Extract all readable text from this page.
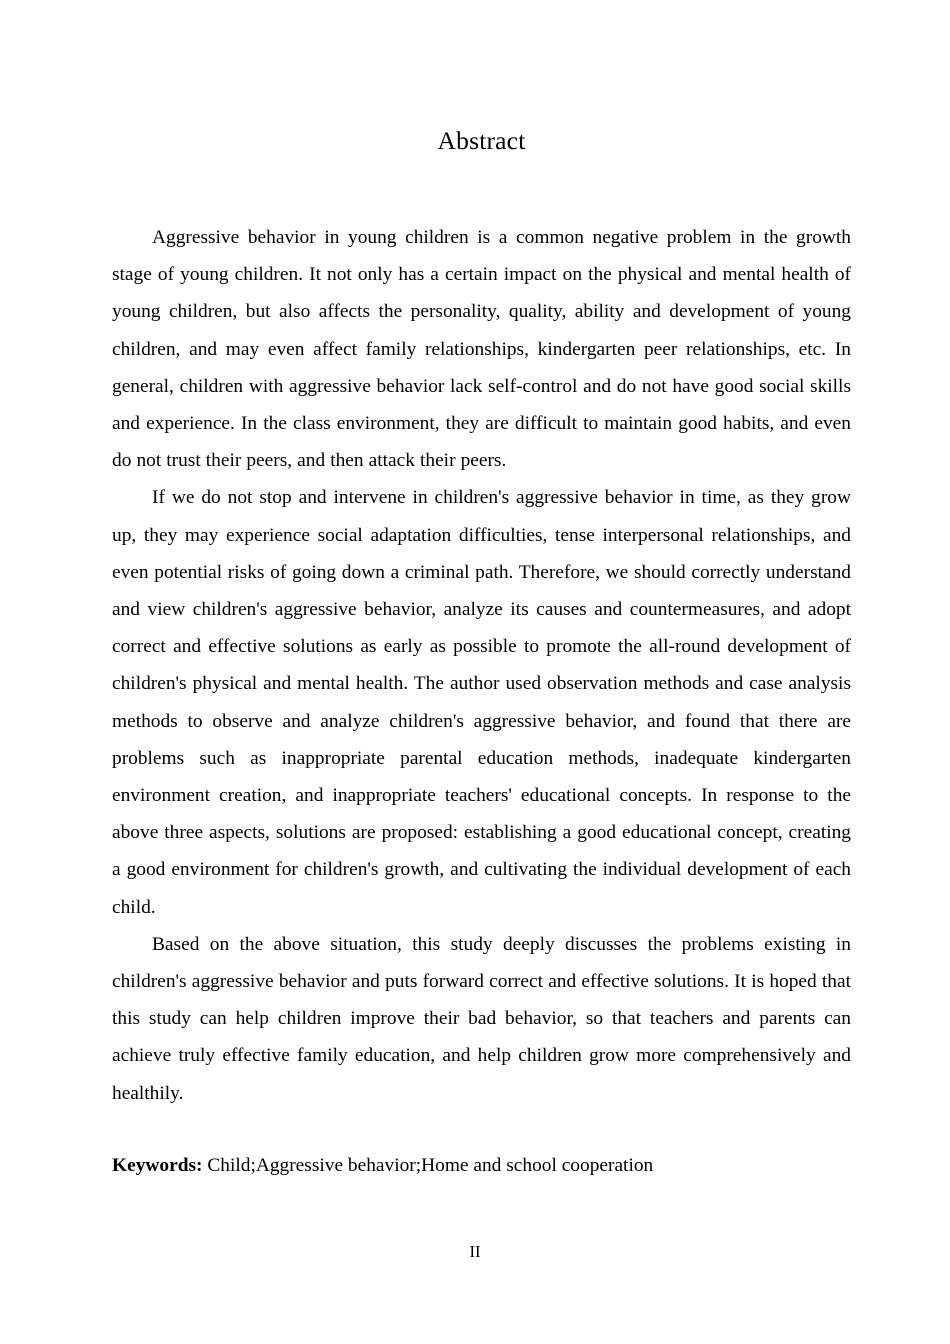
Abstract

Aggressive behavior in young children is a common negative problem in the growth stage of young children. It not only has a certain impact on the physical and mental health of young children, but also affects the personality, quality, ability and development of young children, and may even affect family relationships, kindergarten peer relationships, etc. In general, children with aggressive behavior lack self-control and do not have good social skills and experience. In the class environment, they are difficult to maintain good habits, and even do not trust their peers, and then attack their peers.

If we do not stop and intervene in children's aggressive behavior in time, as they grow up, they may experience social adaptation difficulties, tense interpersonal relationships, and even potential risks of going down a criminal path. Therefore, we should correctly understand and view children's aggressive behavior, analyze its causes and countermeasures, and adopt correct and effective solutions as early as possible to promote the all-round development of children's physical and mental health. The author used observation methods and case analysis methods to observe and analyze children's aggressive behavior, and found that there are problems such as inappropriate parental education methods, inadequate kindergarten environment creation, and inappropriate teachers' educational concepts. In response to the above three aspects, solutions are proposed: establishing a good educational concept, creating a good environment for children's growth, and cultivating the individual development of each child.

Based on the above situation, this study deeply discusses the problems existing in children's aggressive behavior and puts forward correct and effective solutions. It is hoped that this study can help children improve their bad behavior, so that teachers and parents can achieve truly effective family education, and help children grow more comprehensively and healthily.

Keywords: Child;Aggressive behavior;Home and school cooperation
II
